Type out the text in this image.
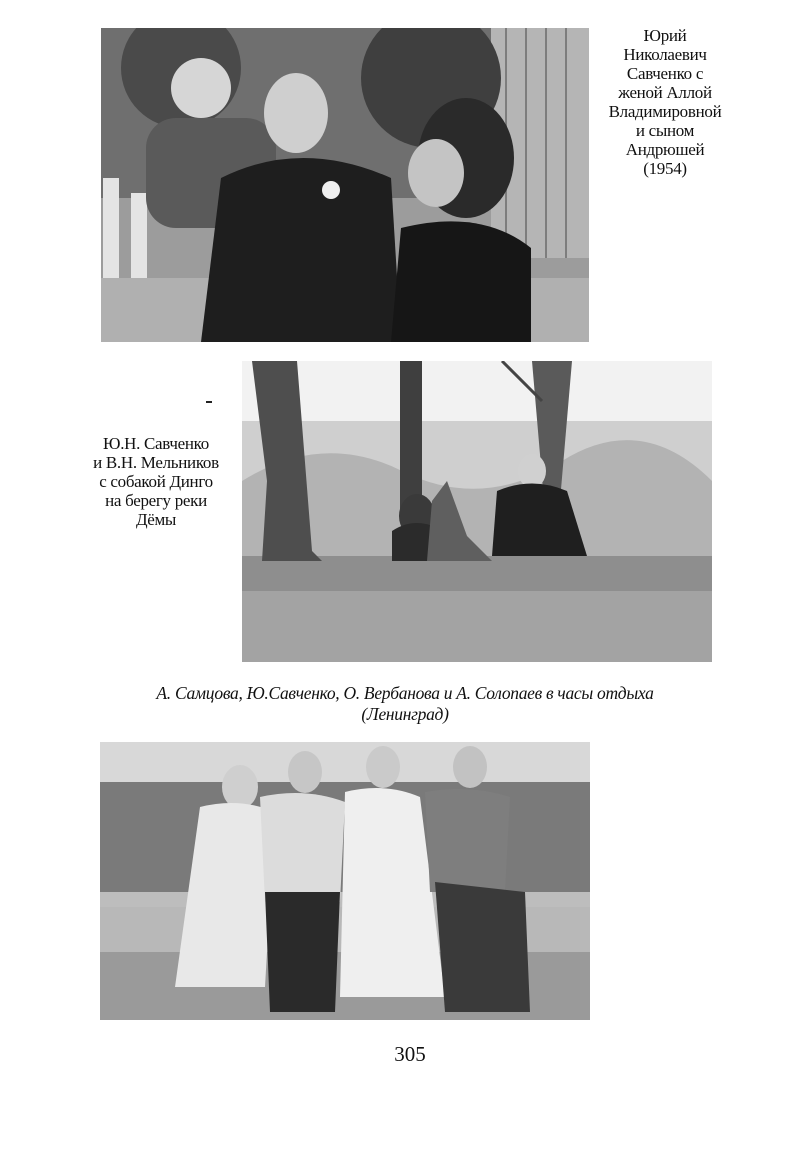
Юрий
Николаевич
Савченко с
женой Аллой
Владимировной
и сыном
Андрюшей
(1954)
Ю.Н. Савченко
и В.Н. Мельников
с собакой Динго
на берегу реки
Дёмы
А. Самцова, Ю.Савченко, О. Вербанова и А. Солопаев в часы отдыха
(Ленинград)
305
